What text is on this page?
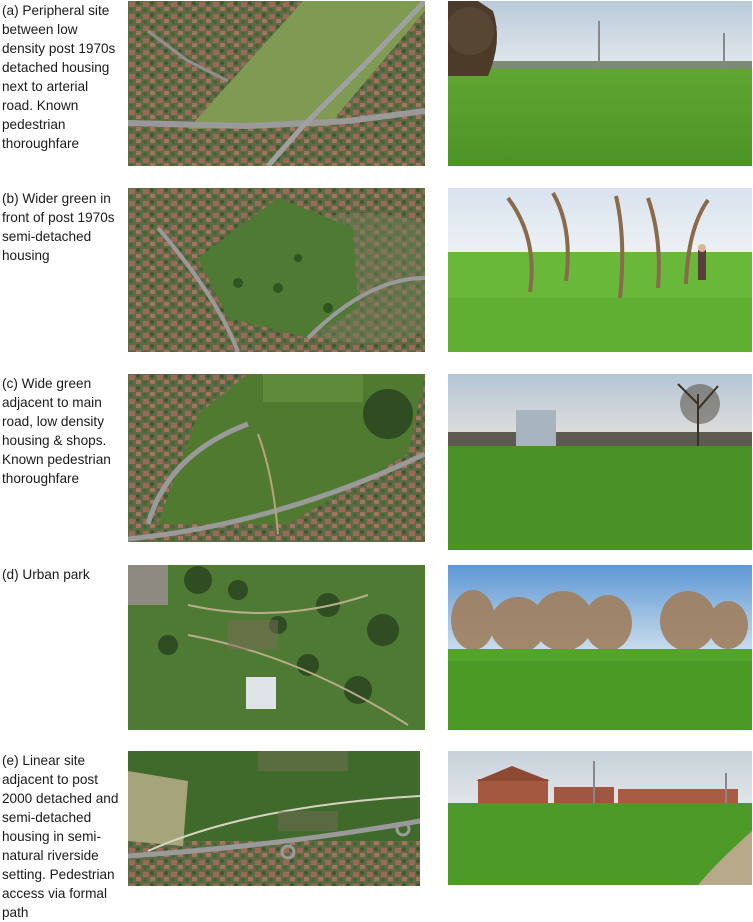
(a) Peripheral site between low density post 1970s detached housing next to arterial road. Known pedestrian thoroughfare
(b) Wider green in front of post 1970s semi-detached housing
(c) Wide green adjacent to main road, low density housing & shops. Known pedestrian thoroughfare
(d) Urban park
(e) Linear site adjacent to post 2000 detached and semi-detached housing in semi-natural riverside setting. Pedestrian access via formal path
